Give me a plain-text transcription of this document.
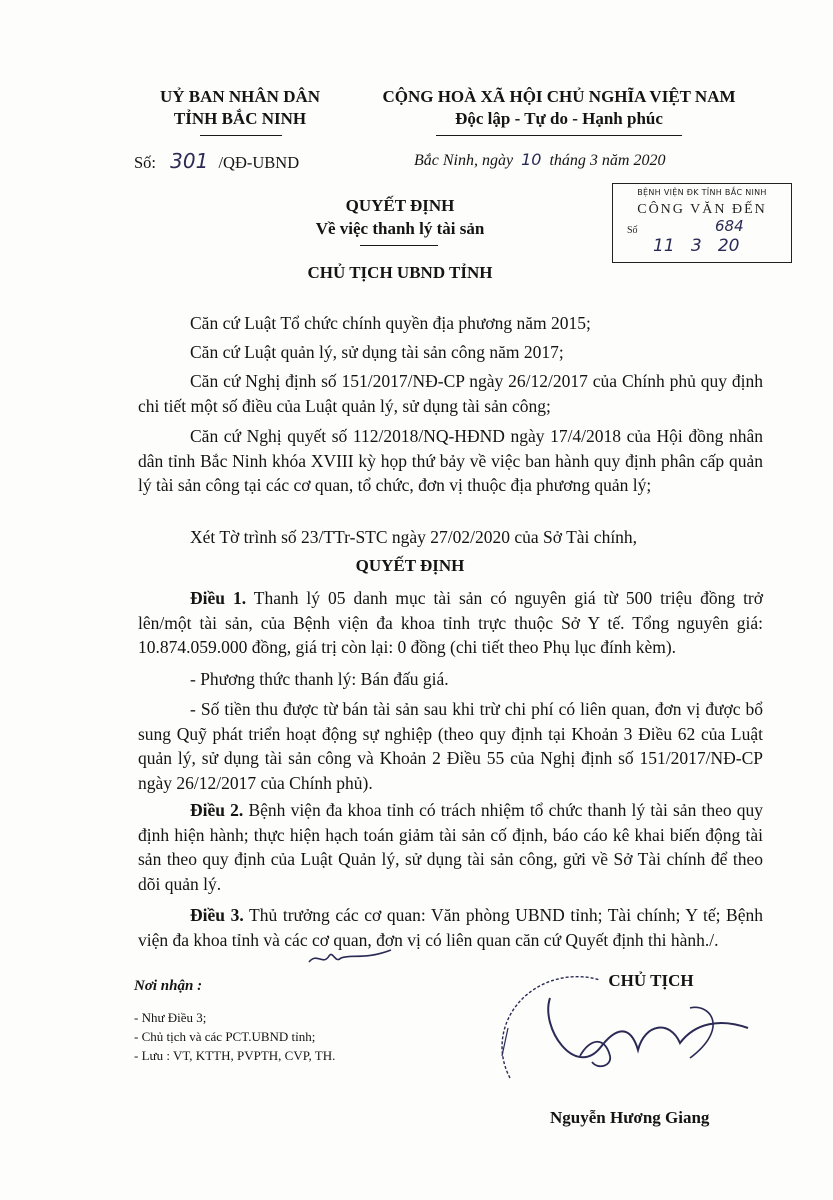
UỶ BAN NHÂN DÂN
TỈNH BẮC NINH
CỘNG HOÀ XÃ HỘI CHỦ NGHĨA VIỆT NAM
Độc lập - Tự do - Hạnh phúc
Số: 301 /QĐ-UBND	Bắc Ninh, ngày 10 tháng 3 năm 2020
BỆNH VIỆN ĐK TỈNH BẮC NINH
CÔNG VĂN ĐẾN
Số	684
11   3   20
QUYẾT ĐỊNH
Về việc thanh lý tài sản
CHỦ TỊCH UBND TỈNH
Căn cứ Luật Tổ chức chính quyền địa phương năm 2015;
Căn cứ Luật quản lý, sử dụng tài sản công năm 2017;
Căn cứ Nghị định số 151/2017/NĐ-CP ngày 26/12/2017 của Chính phủ quy định chi tiết một số điều của Luật quản lý, sử dụng tài sản công;
Căn cứ Nghị quyết số 112/2018/NQ-HĐND ngày 17/4/2018 của Hội đồng nhân dân tỉnh Bắc Ninh khóa XVIII kỳ họp thứ bảy về việc ban hành quy định phân cấp quản lý tài sản công tại các cơ quan, tổ chức, đơn vị thuộc địa phương quản lý;
Xét Tờ trình số 23/TTr-STC ngày 27/02/2020 của Sở Tài chính,
QUYẾT ĐỊNH
Điều 1. Thanh lý 05 danh mục tài sản có nguyên giá từ 500 triệu đồng trở lên/một tài sản, của Bệnh viện đa khoa tỉnh trực thuộc Sở Y tế. Tổng nguyên giá: 10.874.059.000 đồng, giá trị còn lại: 0 đồng (chi tiết theo Phụ lục đính kèm).
- Phương thức thanh lý: Bán đấu giá.
- Số tiền thu được từ bán tài sản sau khi trừ chi phí có liên quan, đơn vị được bổ sung Quỹ phát triển hoạt động sự nghiệp (theo quy định tại Khoản 3 Điều 62 của Luật quản lý, sử dụng tài sản công và Khoản 2 Điều 55 của Nghị định số 151/2017/NĐ-CP ngày 26/12/2017 của Chính phủ).
Điều 2. Bệnh viện đa khoa tỉnh có trách nhiệm tổ chức thanh lý tài sản theo quy định hiện hành; thực hiện hạch toán giảm tài sản cố định, báo cáo kê khai biến động tài sản theo quy định của Luật Quản lý, sử dụng tài sản công, gửi về Sở Tài chính để theo dõi quản lý.
Điều 3. Thủ trưởng các cơ quan: Văn phòng UBND tỉnh; Tài chính; Y tế; Bệnh viện đa khoa tỉnh và các cơ quan, đơn vị có liên quan căn cứ Quyết định thi hành./.
Nơi nhận :
- Như Điều 3;
- Chủ tịch và các PCT.UBND tỉnh;
- Lưu : VT, KTTH, PVPTH, CVP, TH.
CHỦ TỊCH
Nguyễn Hương Giang
